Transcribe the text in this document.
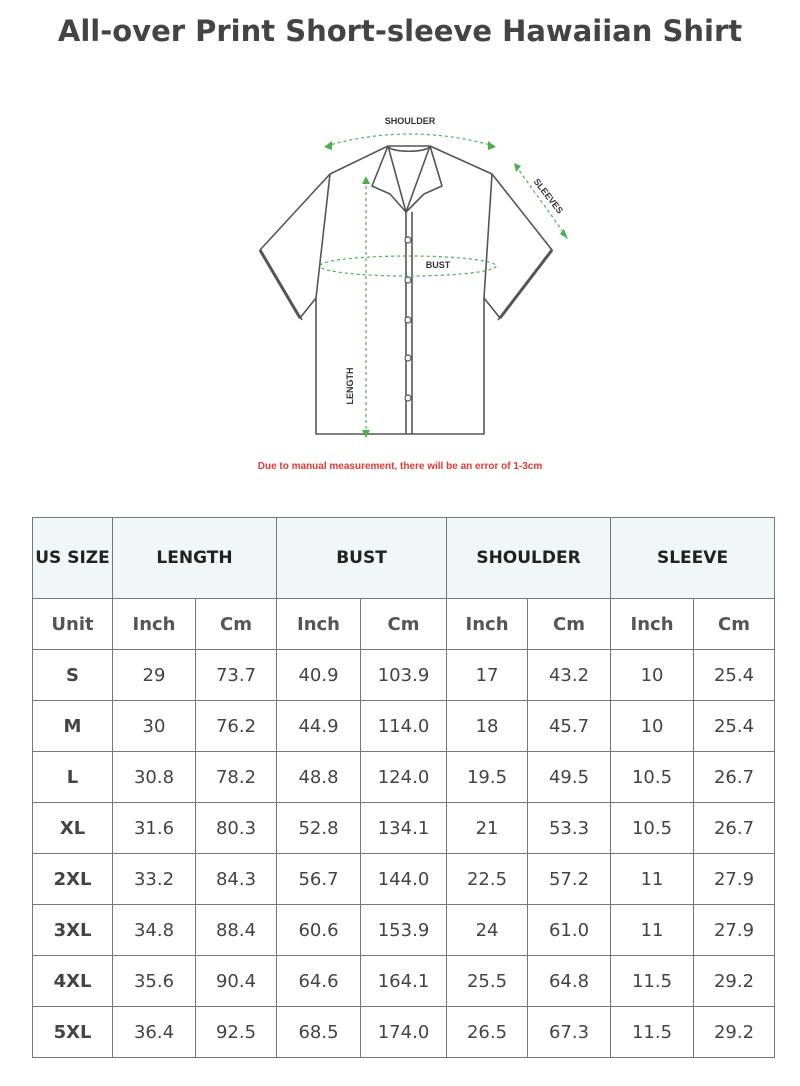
All-over Print Short-sleeve Hawaiian Shirt
SHOULDER
SLEEVES
BUST
LENGTH
Due to manual measurement, there will be an error of 1-3cm
US SIZE	LENGTH		BUST		SHOULDER		SLEEVE	
Unit	Inch	Cm	Inch	Cm	Inch	Cm	Inch	Cm
S	29	73.7	40.9	103.9	17	43.2	10	25.4
M	30	76.2	44.9	114.0	18	45.7	10	25.4
L	30.8	78.2	48.8	124.0	19.5	49.5	10.5	26.7
XL	31.6	80.3	52.8	134.1	21	53.3	10.5	26.7
2XL	33.2	84.3	56.7	144.0	22.5	57.2	11	27.9
3XL	34.8	88.4	60.6	153.9	24	61.0	11	27.9
4XL	35.6	90.4	64.6	164.1	25.5	64.8	11.5	29.2
5XL	36.4	92.5	68.5	174.0	26.5	67.3	11.5	29.2
